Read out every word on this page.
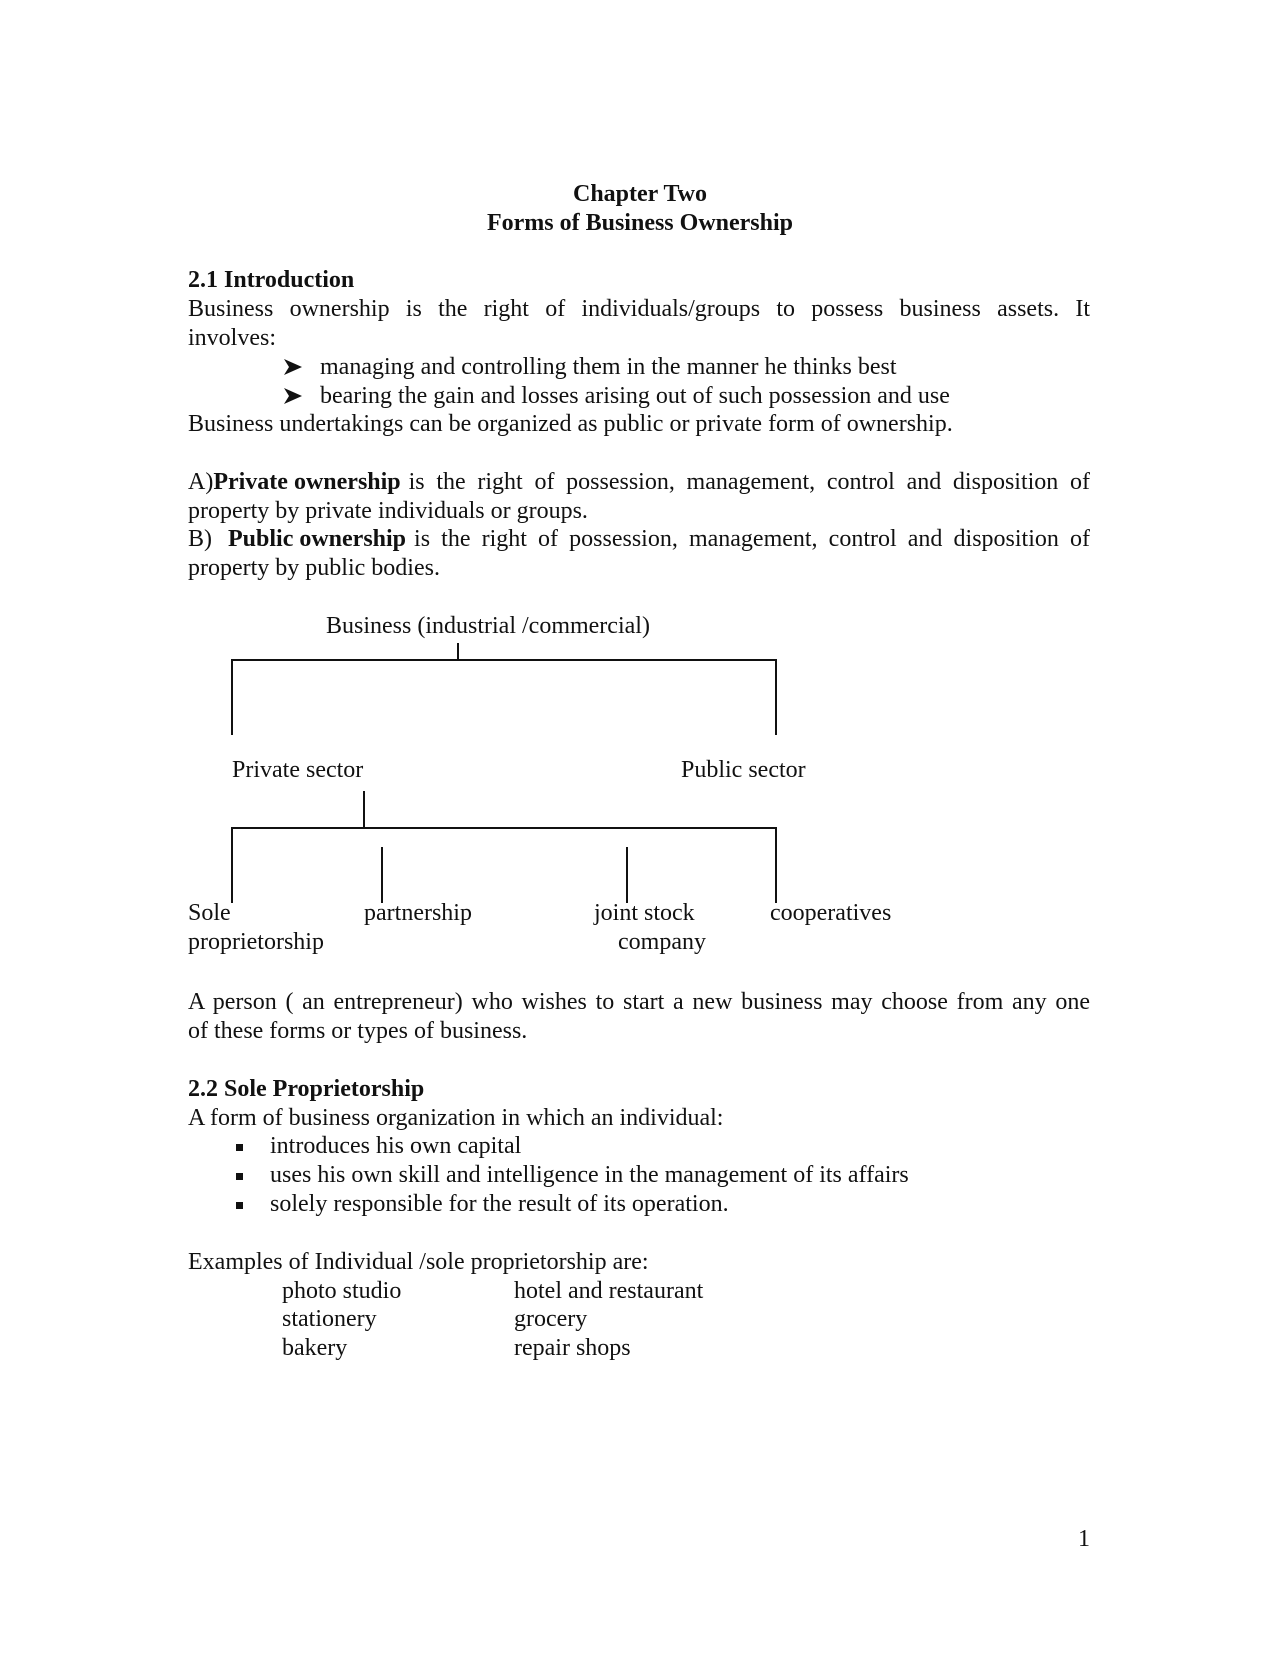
Chapter Two
Forms of Business Ownership
2.1 Introduction
Business ownership is the right of individuals/groups to possess business assets. It
involves:
managing and controlling them in the manner he thinks best
bearing the gain and losses arising out of such possession and use
Business undertakings can be organized as public or private form of ownership.
A) Private ownership is the right of possession, management, control and disposition of
property by private individuals or groups.
B) Public ownership is the right of possession, management, control and disposition of
property by public bodies.
Business (industrial /commercial)
Private sector	Public sector
Sole
proprietorship
partnership	joint stock
company
cooperatives
A person ( an entrepreneur) who wishes to start a new business may choose from any one
of these forms or types of business.
2.2 Sole Proprietorship
A form of business organization in which an individual:
introduces his own capital
uses his own skill and intelligence in the management of its affairs
solely responsible for the result of its operation.
Examples of Individual /sole proprietorship are:
photo studio
stationery
bakery
hotel and restaurant
grocery
repair shops
1
